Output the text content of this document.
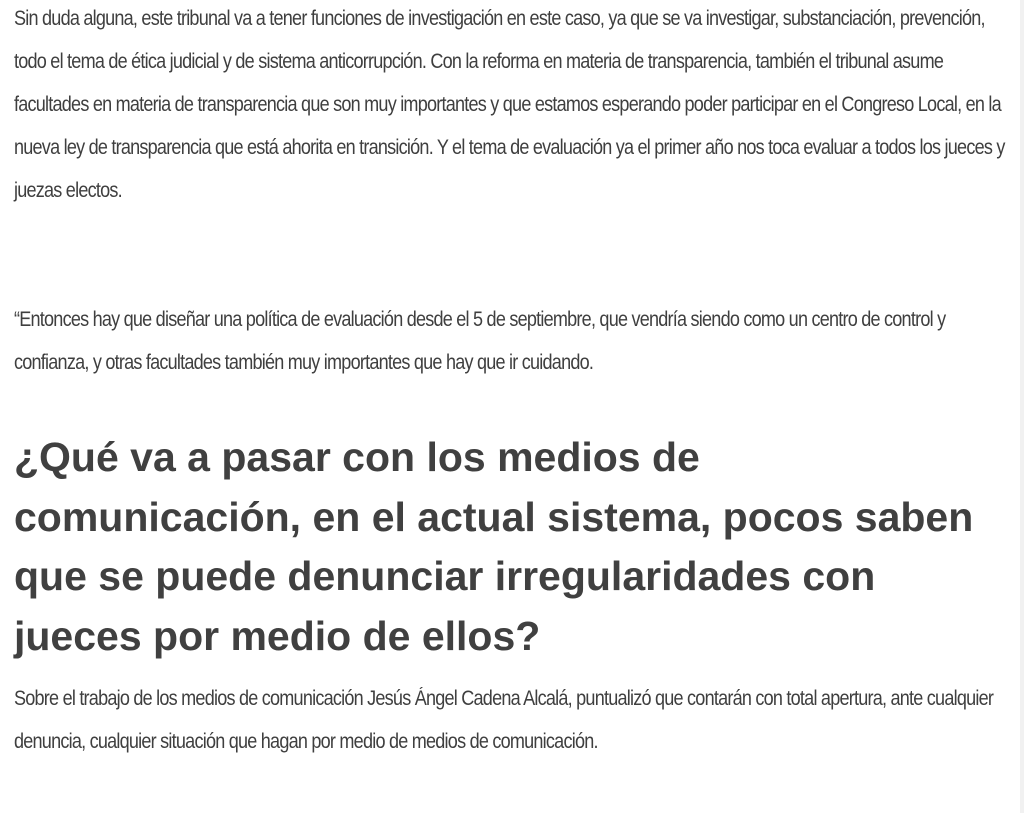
Sin duda alguna, este tribunal va a tener funciones de investigación en este caso, ya que se va investigar, substanciación, prevención, todo el tema de ética judicial y de sistema anticorrupción. Con la reforma en materia de transparencia, también el tribunal asume facultades en materia de transparencia que son muy importantes y que estamos esperando poder participar en el Congreso Local, en la nueva ley de transparencia que está ahorita en transición. Y el tema de evaluación ya el primer año nos toca evaluar a todos los jueces y juezas electos.

“Entonces hay que diseñar una política de evaluación desde el 5 de septiembre, que vendría siendo como un centro de control y confianza, y otras facultades también muy importantes que hay que ir cuidando.

¿Qué va a pasar con los medios de comunicación, en el actual sistema, pocos saben que se puede denunciar irregularidades con jueces por medio de ellos?

Sobre el trabajo de los medios de comunicación Jesús Ángel Cadena Alcalá, puntualizó que contarán con total apertura, ante cualquier denuncia, cualquier situación que hagan por medio de medios de comunicación.
